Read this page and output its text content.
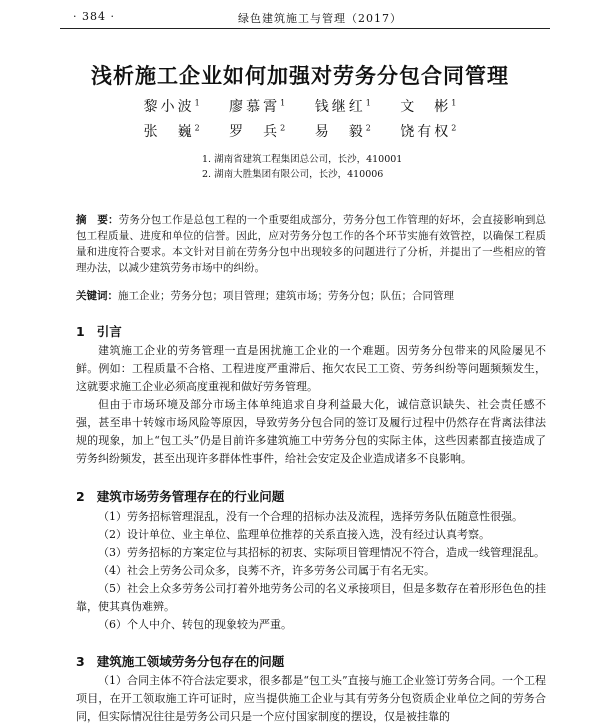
· 384 ·	绿色建筑施工与管理（2017）
浅析施工企业如何加强对劳务分包合同管理
黎小波$^1$ 廖慕霄$^1$ 钱继红$^1$ 文　彬$^1$
张　巍$^2$ 罗　兵$^2$ 易　毅$^2$ 饶有权$^2$
1. 湖南省建筑工程集团总公司，长沙，410001
2. 湖南大胜集团有限公司，长沙，410006
摘　要：劳务分包工作是总包工程的一个重要组成部分，劳务分包工作管理的好坏，会直接影响到总包工程质量、进度和单位的信誉。因此，应对劳务分包工作的各个环节实施有效管控，以确保工程质量和进度符合要求。本文针对目前在劳务分包中出现较多的问题进行了分析，并提出了一些相应的管理办法，以减少建筑劳务市场中的纠纷。
关键词：施工企业；劳务分包；项目管理；建筑市场；劳务分包；队伍；合同管理
1 引言

建筑施工企业的劳务管理一直是困扰施工企业的一个难题。因劳务分包带来的风险屡见不鲜。例如：工程质量不合格、工程进度严重滞后、拖欠农民工工资、劳务纠纷等问题频频发生，这就要求施工企业必须高度重视和做好劳务管理。

但由于市场环境及部分市场主体单纯追求自身利益最大化，诚信意识缺失、社会责任感不强，甚至串十转嫁市场风险等原因，导致劳务分包合同的签订及履行过程中仍然存在背离法律法规的现象，加上“包工头”仍是目前许多建筑施工中劳务分包的实际主体，这些因素都直接造成了劳务纠纷频发，甚至出现许多群体性事件，给社会安定及企业造成诸多不良影响。

2 建筑市场劳务管理存在的行业问题

（1）劳务招标管理混乱，没有一个合理的招标办法及流程，选择劳务队伍随意性很强。

（2）设计单位、业主单位、监理单位推荐的关系直接入选，没有经过认真考察。

（3）劳务招标的方案定位与其招标的初衷、实际项目管理情况不符合，造成一线管理混乱。

（4）社会上劳务公司众多，良莠不齐，许多劳务公司属于有名无实。

（5）社会上众多劳务公司打着外地劳务公司的名义承接项目，但是多数存在着形形色色的挂靠，使其真伪难辨。

（6）个人中介、转包的现象较为严重。

3 建筑施工领域劳务分包存在的问题

（1）合同主体不符合法定要求，很多都是“包工头”直接与施工企业签订劳务合同。一个工程项目，在开工领取施工许可证时，应当提供施工企业与其有劳务分包资质企业单位之间的劳务合同，但实际情况往往是劳务公司只是一个应付国家制度的摆设，仅是被挂靠的
